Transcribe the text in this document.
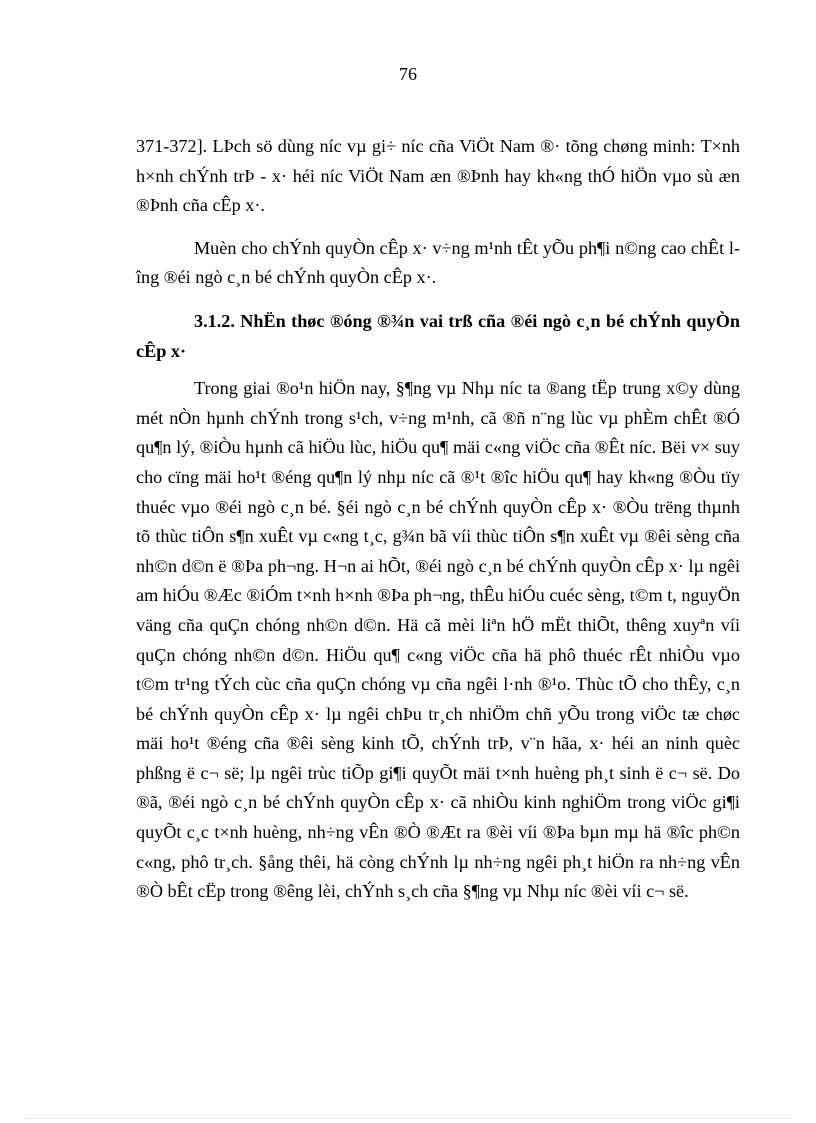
76

371-372]. LÞch sö dùng níc vµ gi÷ níc cña ViÖt Nam ®· tõng chøng minh: T×nh h×nh chÝnh trÞ - x· héi níc ViÖt Nam æn ®Þnh hay kh«ng thÓ hiÖn vµo sù æn ®Þnh cña cÊp x·.

Muèn cho chÝnh quyÒn cÊp x· v÷ng m¹nh tÊt yÕu ph¶i n©ng cao chÊt lîng ®éi ngò c¸n bé chÝnh quyÒn cÊp x·.

3.1.2. NhËn thøc ®óng ®¾n vai trß cña ®éi ngò c¸n bé chÝnh quyÒn cÊp x·

Trong giai ®o¹n hiÖn nay, §¶ng vµ Nhµ níc ta ®ang tËp trung x©y dùng mét nÒn hµnh chÝnh trong s¹ch, v÷ng m¹nh, cã ®ñ n¨ng lùc vµ phÈm chÊt ®Ó qu¶n lý, ®iÒu hµnh cã hiÖu lùc, hiÖu qu¶ mäi c«ng viÖc cña ®Êt níc. Bëi v× suy cho cïng mäi ho¹t ®éng qu¶n lý nhµ níc cã ®¹t ®îc hiÖu qu¶ hay kh«ng ®Òu tïy thuéc vµo ®éi ngò c¸n bé. §éi ngò c¸n bé chÝnh quyÒn cÊp x· ®Òu trëng thµnh tõ thùc tiÔn s¶n xuÊt vµ c«ng t¸c, g¾n bã víi thùc tiÔn s¶n xuÊt vµ ®êi sèng cña nh©n d©n ë ®Þa ph¬ng. H¬n ai hÕt, ®éi ngò c¸n bé chÝnh quyÒn cÊp x· lµ ngêi am hiÓu ®Æc ®iÓm t×nh h×nh ®Þa ph¬ng, thÊu hiÓu cuéc sèng, t©m t, nguyÖn väng cña quÇn chóng nh©n d©n. Hä cã mèi liªn hÖ mËt thiÕt, thêng xuyªn víi quÇn chóng nh©n d©n. HiÖu qu¶ c«ng viÖc cña hä phô thuéc rÊt nhiÒu vµo t©m tr¹ng tÝch cùc cña quÇn chóng vµ cña ngêi l·nh ®¹o. Thùc tÕ cho thÊy, c¸n bé chÝnh quyÒn cÊp x· lµ ngêi chÞu tr¸ch nhiÖm chñ yÕu trong viÖc tæ chøc mäi ho¹t ®éng cña ®êi sèng kinh tÕ, chÝnh trÞ, v¨n hãa, x· héi an ninh quèc phßng ë c¬ së; lµ ngêi trùc tiÕp gi¶i quyÕt mäi t×nh huèng ph¸t sinh ë c¬ së. Do ®ã, ®éi ngò c¸n bé chÝnh quyÒn cÊp x· cã nhiÒu kinh nghiÖm trong viÖc gi¶i quyÕt c¸c t×nh huèng, nh÷ng vÊn ®Ò ®Æt ra ®èi víi ®Þa bµn mµ hä ®îc ph©n c«ng, phô tr¸ch. §ång thêi, hä còng chÝnh lµ nh÷ng ngêi ph¸t hiÖn ra nh÷ng vÊn ®Ò bÊt cËp trong ®êng lèi, chÝnh s¸ch cña §¶ng vµ Nhµ níc ®èi víi c¬ së.
